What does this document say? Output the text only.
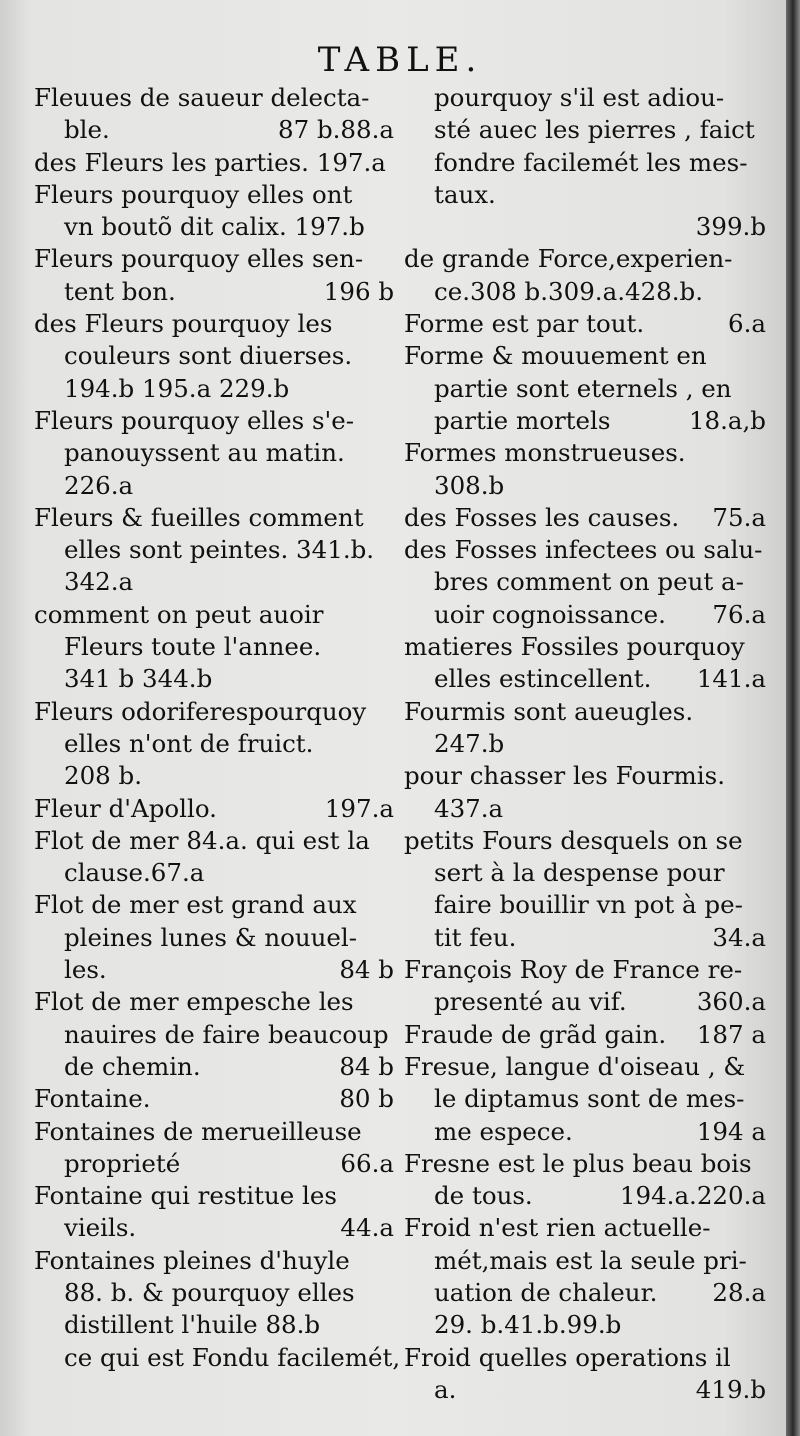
TABLE.
Fleuues de saueur delecta-
ble.	87 b.88.a
des Fleurs les parties. 197.a
Fleurs pourquoy elles ont
vn boutõ dit calix. 197.b
Fleurs pourquoy elles sen-
tent bon.	196 b
des Fleurs pourquoy les
couleurs sont diuerses.
194.b 195.a 229.b
Fleurs pourquoy elles s'e-
panouyssent au matin.
226.a
Fleurs & fueilles comment
elles sont peintes. 341.b.
342.a
comment on peut auoir
Fleurs toute l'annee.
341 b 344.b
Fleurs odoriferespourquoy
elles n'ont de fruict.
208 b.
Fleur d'Apollo.	197.a
Flot de mer 84.a. qui est la
clause.67.a
Flot de mer est grand aux
pleines lunes & nouuel-
les.	84 b
Flot de mer empesche les
nauires de faire beaucoup
de chemin.	84 b
Fontaine.	80 b
Fontaines de merueilleuse
proprieté	66.a
Fontaine qui restitue les
vieils.	44.a
Fontaines pleines d'huyle
88. b. & pourquoy elles
distillent l'huile 88.b
ce qui est Fondu facilemét,
pourquoy s'il est adiou-
sté auec les pierres , faict
fondre facilemét les mes-
taux.
399.b
de grande Force,experien-
ce.308 b.309.a.428.b.
Forme est par tout.	6.a
Forme & mouuement en
partie sont eternels , en
partie mortels	18.a,b
Formes monstrueuses.
308.b
des Fosses les causes. 75.a
des Fosses infectees ou salu-
bres comment on peut a-
uoir cognoissance. 76.a
matieres Fossiles pourquoy
elles estincellent. 141.a
Fourmis sont aueugles.
247.b
pour chasser les Fourmis.
437.a
petits Fours desquels on se
sert à la despense pour
faire bouillir vn pot à pe-
tit feu.	34.a
François Roy de France re-
presenté au vif.	360.a
Fraude de grãd gain. 187 a
Fresue, langue d'oiseau , &
le diptamus sont de mes-
me espece.	194 a
Fresne est le plus beau bois
de tous.	194.a.220.a
Froid n'est rien actuelle-
mét,mais est la seule pri-
uation de chaleur. 28.a
29. b.41.b.99.b
Froid quelles operations il
a.	419.b
